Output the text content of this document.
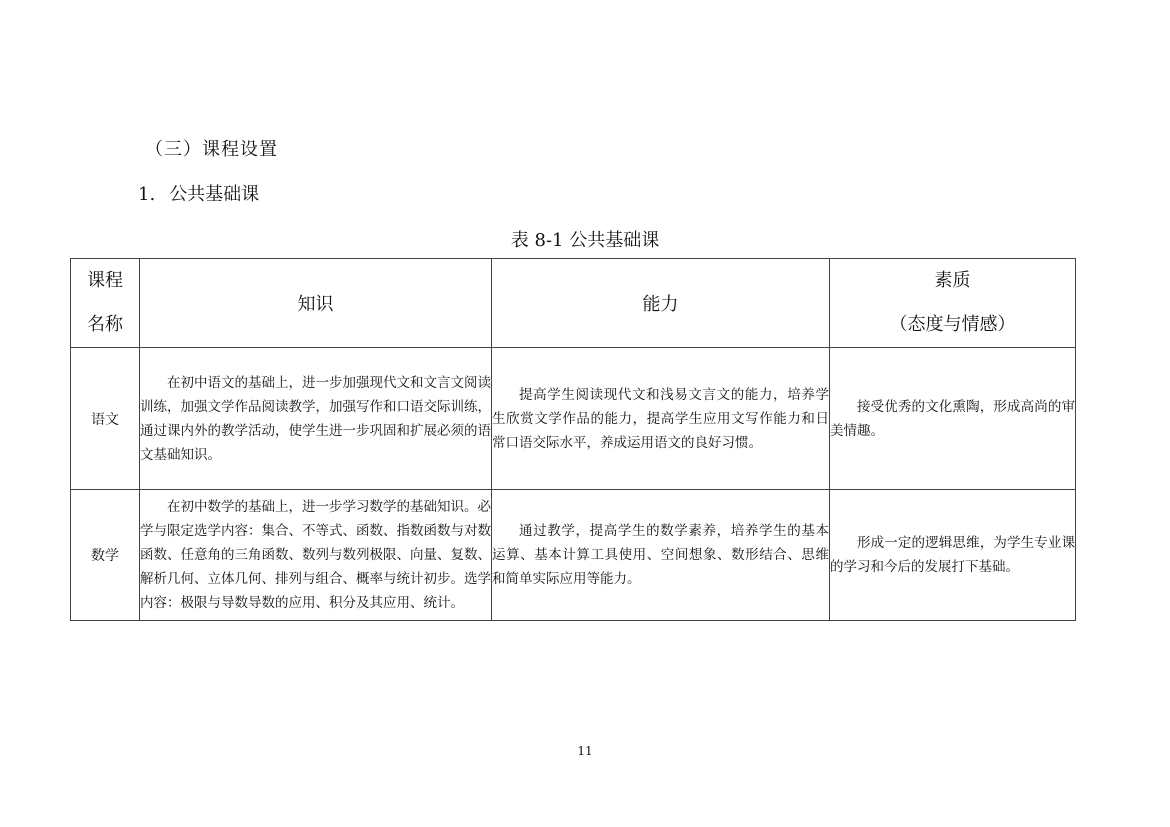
（三）课程设置
1. 公共基础课
表 8-1 公共基础课
课程
名称	知识	能力	素质
（态度与情感）

语文	在初中语文的基础上，进一步加强现代文和文言文阅读训练，加强文学作品阅读教学，加强写作和口语交际训练，通过课内外的教学活动，使学生进一步巩固和扩展必须的语文基础知识。	提高学生阅读现代文和浅易文言文的能力，培养学生欣赏文学作品的能力，提高学生应用文写作能力和日常口语交际水平，养成运用语文的良好习惯。	接受优秀的文化熏陶，形成高尚的审美情趣。
数学	在初中数学的基础上，进一步学习数学的基础知识。必学与限定选学内容：集合、不等式、函数、指数函数与对数函数、任意角的三角函数、数列与数列极限、向量、复数、解析几何、立体几何、排列与组合、概率与统计初步。选学内容：极限与导数导数的应用、积分及其应用、统计。	通过教学，提高学生的数学素养，培养学生的基本运算、基本计算工具使用、空间想象、数形结合、思维和简单实际应用等能力。	形成一定的逻辑思维，为学生专业课的学习和今后的发展打下基础。
11
